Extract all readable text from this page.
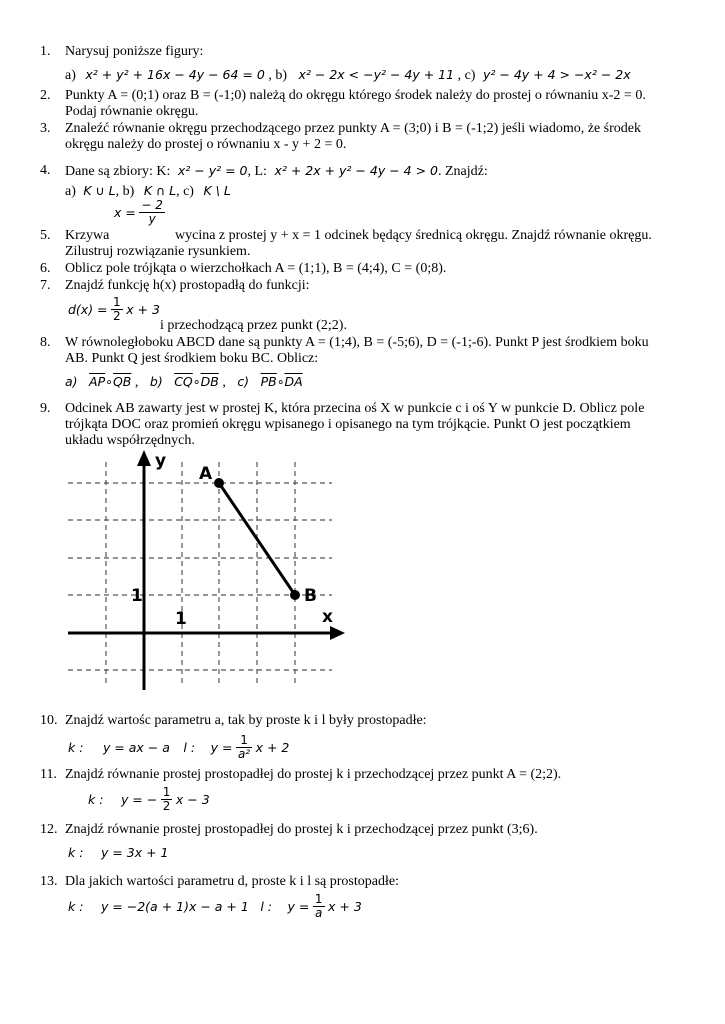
1. Narysuj poniższe figury:
a) x² + y² + 16x − 4y − 64 = 0 , b) x² − 2x < −y² − 4y + 11 , c) y² − 4y + 4 > −x² − 2x
2. Punkty A = (0;1) oraz B = (-1;0) należą do okręgu którego środek należy do prostej o równaniu x-2 = 0.
Podaj równanie okręgu.
3. Znaleźć równanie okręgu przechodzącego przez punkty A = (3;0) i B = (-1;2) jeśli wiadomo, że środek
okręgu należy do prostej o równaniu x - y + 2 = 0.
4. Dane są zbiory: K: x² − y² = 0, L: x² + 2x + y² − 4y − 4 > 0. Znajdź:
a) K ∪ L, b) K ∩ L, c) K \ L
$x = \frac{- 2}{y}$
5. Krzywa	wycina z prostej y + x = 1 odcinek będący średnicą okręgu. Znajdź równanie okręgu.
Zilustruj rozwiązanie rysunkiem.
6. Oblicz pole trójkąta o wierzchołkach A = (1;1), B = (4;4), C = (0;8).
7. Znajdź funkcję h(x) prostopadłą do funkcji:
$d(x) = \frac{1}{2}$ x + 3
i przechodzącą przez punkt (2;2).
8. W równoległoboku ABCD dane są punkty A = (1;4), B = (-5;6), D = (-1;-6). Punkt P jest środkiem boku
AB. Punkt Q jest środkiem boku BC. Oblicz:
a) $\overline{AP}\circ\overline{QB}$ , b) $\overline{CQ}\circ\overline{DB}$ , c) $\overline{PB}\circ\overline{DA}$
9. Odcinek AB zawarty jest w prostej K, która przecina oś X w punkcie c i oś Y w punkcie D. Oblicz pole
trójkąta DOC oraz promień okręgu wpisanego i opisanego na tym trójkącie. Punkt O jest początkiem
układu współrzędnych.
y
x
A
B
1
1
10. Znajdź wartośc parametru a, tak by proste k i l były prostopadłe:
k : y = ax − a l : $y = \frac{1}{\text{a²}}$ x + 2
11. Znajdź równanie prostej prostopadłej do prostej k i przechodzącej przez punkt A = (2;2).
k : y = − $\frac{1}{2}$ x − 3
12. Znajdź równanie prostej prostopadłej do prostej k i przechodzącej przez punkt (3;6).
k : y = 3x + 1
13. Dla jakich wartości parametru d, proste k i l są prostopadłe:
k : y = −2(a + 1)x − a + 1 l : $y = \frac{1}{a}$ x + 3
